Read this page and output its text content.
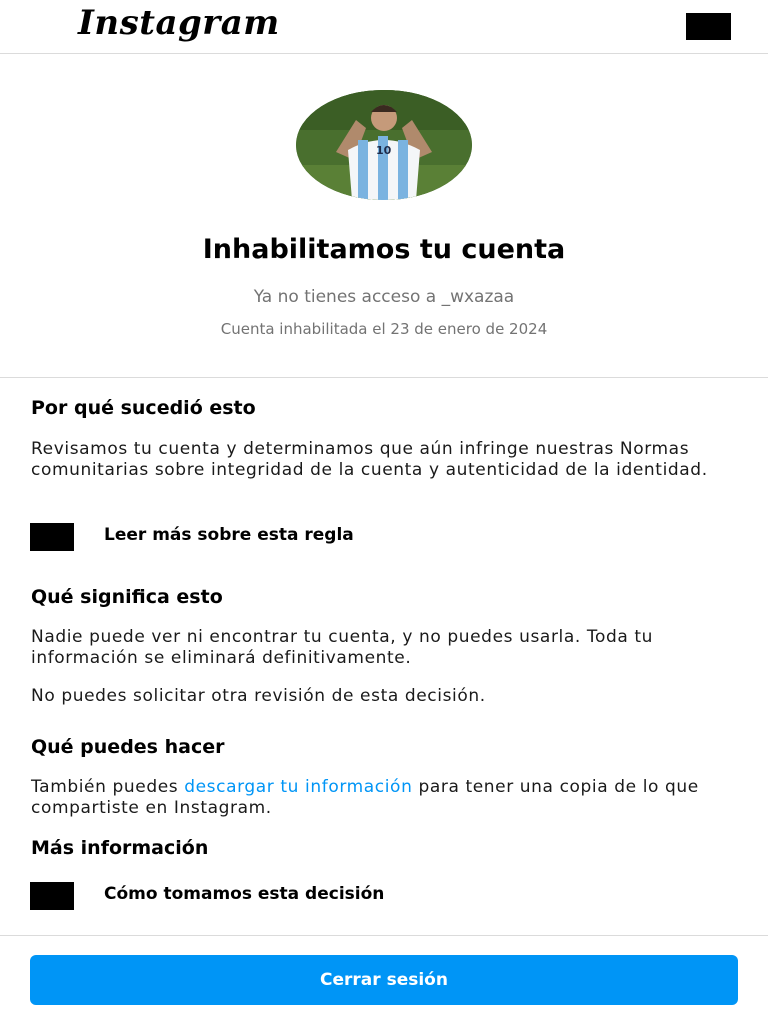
Instagram
10
Inhabilitamos tu cuenta
Ya no tienes acceso a _wxazaa
Cuenta inhabilitada el 23 de enero de 2024
Por qué sucedió esto
Revisamos tu cuenta y determinamos que aún infringe nuestras Normas comunitarias sobre integridad de la cuenta y autenticidad de la identidad.
Leer más sobre esta regla
Qué significa esto
Nadie puede ver ni encontrar tu cuenta, y no puedes usarla. Toda tu información se eliminará definitivamente.
No puedes solicitar otra revisión de esta decisión.
Qué puedes hacer
También puedes descargar tu información para tener una copia de lo que compartiste en Instagram.
Más información
Cómo tomamos esta decisión
Cerrar sesión
